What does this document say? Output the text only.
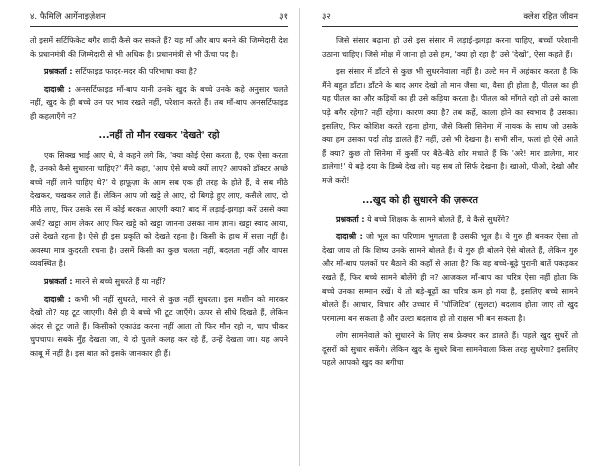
४. फैमिलि आर्गेनाइज़ेशन	३१

तो इसमें सर्टिफिकेट बगैर शादी कैसे कर सकते हैं? यह माँ और बाप बनने की जिम्मेदारी देश के प्रधानमंत्री की जिम्मेदारी से भी अधिक है। प्रधानमंत्री से भी ऊँचा पद है।

प्रश्नकर्ता : सर्टिफाइड फादर-मदर की परिभाषा क्या है?

दादाश्री : अनसर्टिफाइड माँ-बाप यानी उनके खुद के बच्चे उनके कहे अनुसार चलते नहीं, खुद के ही बच्चे उन पर भाव रखते नहीं, परेशान करते हैं। तब माँ-बाप अनसर्टिफाइड ही कहलाएँगे न?

...नहीं तो मौन रखकर 'देखते' रहो

एक सिक्ख भाई आए थे, वे कहने लगे कि, 'क्या कोई ऐसा करता है, एक ऐसा करता है, उनको कैसे सुधारना चाहिए?' मैंने कहा, 'आप ऐसे बच्चे क्यों लाए? आपको डॉक्टर अच्छे बच्चे नहीं लाने चाहिए थे?' ये हाफ़ूज़ा के आम सब एक ही तरह के होते हैं, वे सब मीठे देखकर, चखकर लाते हैं। लेकिन आप जो खट्टे ले आए, दो बिगड़े हुए लाए, कसैले लाए, दो मीठे लाए, फिर उसके रस में कोई बरकत आएगी क्या? बाद में लड़ाई-झगड़ा करें उससे क्या अर्थ? खट्टा आम लेकर आए फिर खट्टे को खट्टा जानना उसका नाम ज्ञान। खट्टा स्वाद आया, उसे देखते रहना है। ऐसे ही इस प्रकृति को देखते रहना है। किसी के हाथ में सत्ता नहीं है। अवस्था मात्र कुदरती रचना है। उसमें किसी का कुछ चलता नहीं, बदलता नहीं और वापस व्यवस्थित है।

प्रश्नकर्ता : मारने से बच्चे सुधरते हैं या नहीं?

दादाश्री : कभी भी नहीं सुधरते, मारने से कुछ नहीं सुधरता। इस मशीन को मारकर देखो तो? यह टूट जाएगी। वैसे ही ये बच्चे भी टूट जाएँगे। ऊपर से सीधे दिखते हैं, लेकिन अंदर से टूट जाते हैं। किसीको एकाउंड करना नहीं आता तो फिर मौन रहो न, चाप चीकर चुपचाप। सबके मुँह देखता जा, ये दो पुतले कलह कर रहे हैं, उन्हें देखता जा। यह अपने काबू में नहीं है। इस बात को इसके जानकार ही हैं।

३२	क्लेश रहित जीवन

जिसे संसार बढ़ाना हो उसे इस संसार में लड़ाई-झगड़ा करना चाहिए, बच्चों परेशानी उठाना चाहिए। जिसे मोक्ष में जाना हो उसे हम, 'क्या हो रहा है' उसे 'देखो', ऐसा कहते हैं।

इस संसार में डाँटने से कुछ भी सुधरनेवाला नहीं है। उल्टे मन में अहंकार करता है कि मैंने बहुत डाँटा। डाँटने के बाद अगर देखो तो मान जैसा था, वैसा ही होता है, पीतल का ही यह पीतल का और कड़ियों का ही उसे कड़िया करता है। पीतल को माँगते रहो तो उसे काला पड़े बगैर रहेगा? नहीं रहेगा। कारण क्या है? तब कहें, काला होने का स्वभाव है उसका। इसलिए, फिर कोशिश करते रहना होगा, जैसे किसी सिनेमा में नायक के साथ जो उसके क्या हम उसका पर्दा तोड़ डालते हैं? नहीं, उसे भी देखना है। सभी सीन, फलां हो ऐसे आते हैं क्या? कुछ तो सिनेमा में कुर्सी पर बैठे-बैठे शोर मचाते हैं कि 'अरे! मार डालेगा, मार डालेगा!' ये बड़े दया के डिब्बे देख लो। यह सब तो सिर्फ देखना है। खाओ, पीओ, देखो और मजे करो!

...खुद को ही सुधारने की ज़रूरत

प्रश्नकर्ता : ये बच्चे शिक्षक के सामने बोलते हैं, वे कैसे सुधरेंगे?

दादाश्री : जो भूल का परिणाम भुगतता है उसकी भूल है। ये गुरु ही बनकर ऐसा तो देखा जाय तो कि शिष्य उनके सामने बोलते हैं। ये गुरु ही बोलने ऐसे बोलते हैं, लेकिन गुरु और माँ-बाप पलकों पर बैठाने की कहाँ से आता है? कि वह बच्चे-बूढ़े पुरानी बातें पकड़कर रखते हैं, फिर बच्चे सामने बोलेंगे ही न? आजकल माँ-बाप का चरित्र ऐसा नहीं होता कि बच्चे उनका सम्मान रखें। ये तो बड़े-बूढ़ों का चरित्र कम हो गया है, इसलिए बच्चे सामने बोलते हैं। आचार, विचार और उच्चार में 'पॉजिटिव' (सुलटा) बदलाव होता जाए तो खुद परमात्मा बन सकता है और उल्टा बदलाव हो तो राक्षस भी बन सकता है।

लोग सामनेवाले को सुधारने के लिए सब फ्रेक्चर कर डालते हैं। पहले खुद सुधरें तो दूसरों को सुधार सकेंगे। लेकिन खुद के सुधरे बिना सामनेवाला किस तरह सुधरेगा? इसलिए पहले आपको खुद का बगीचा
